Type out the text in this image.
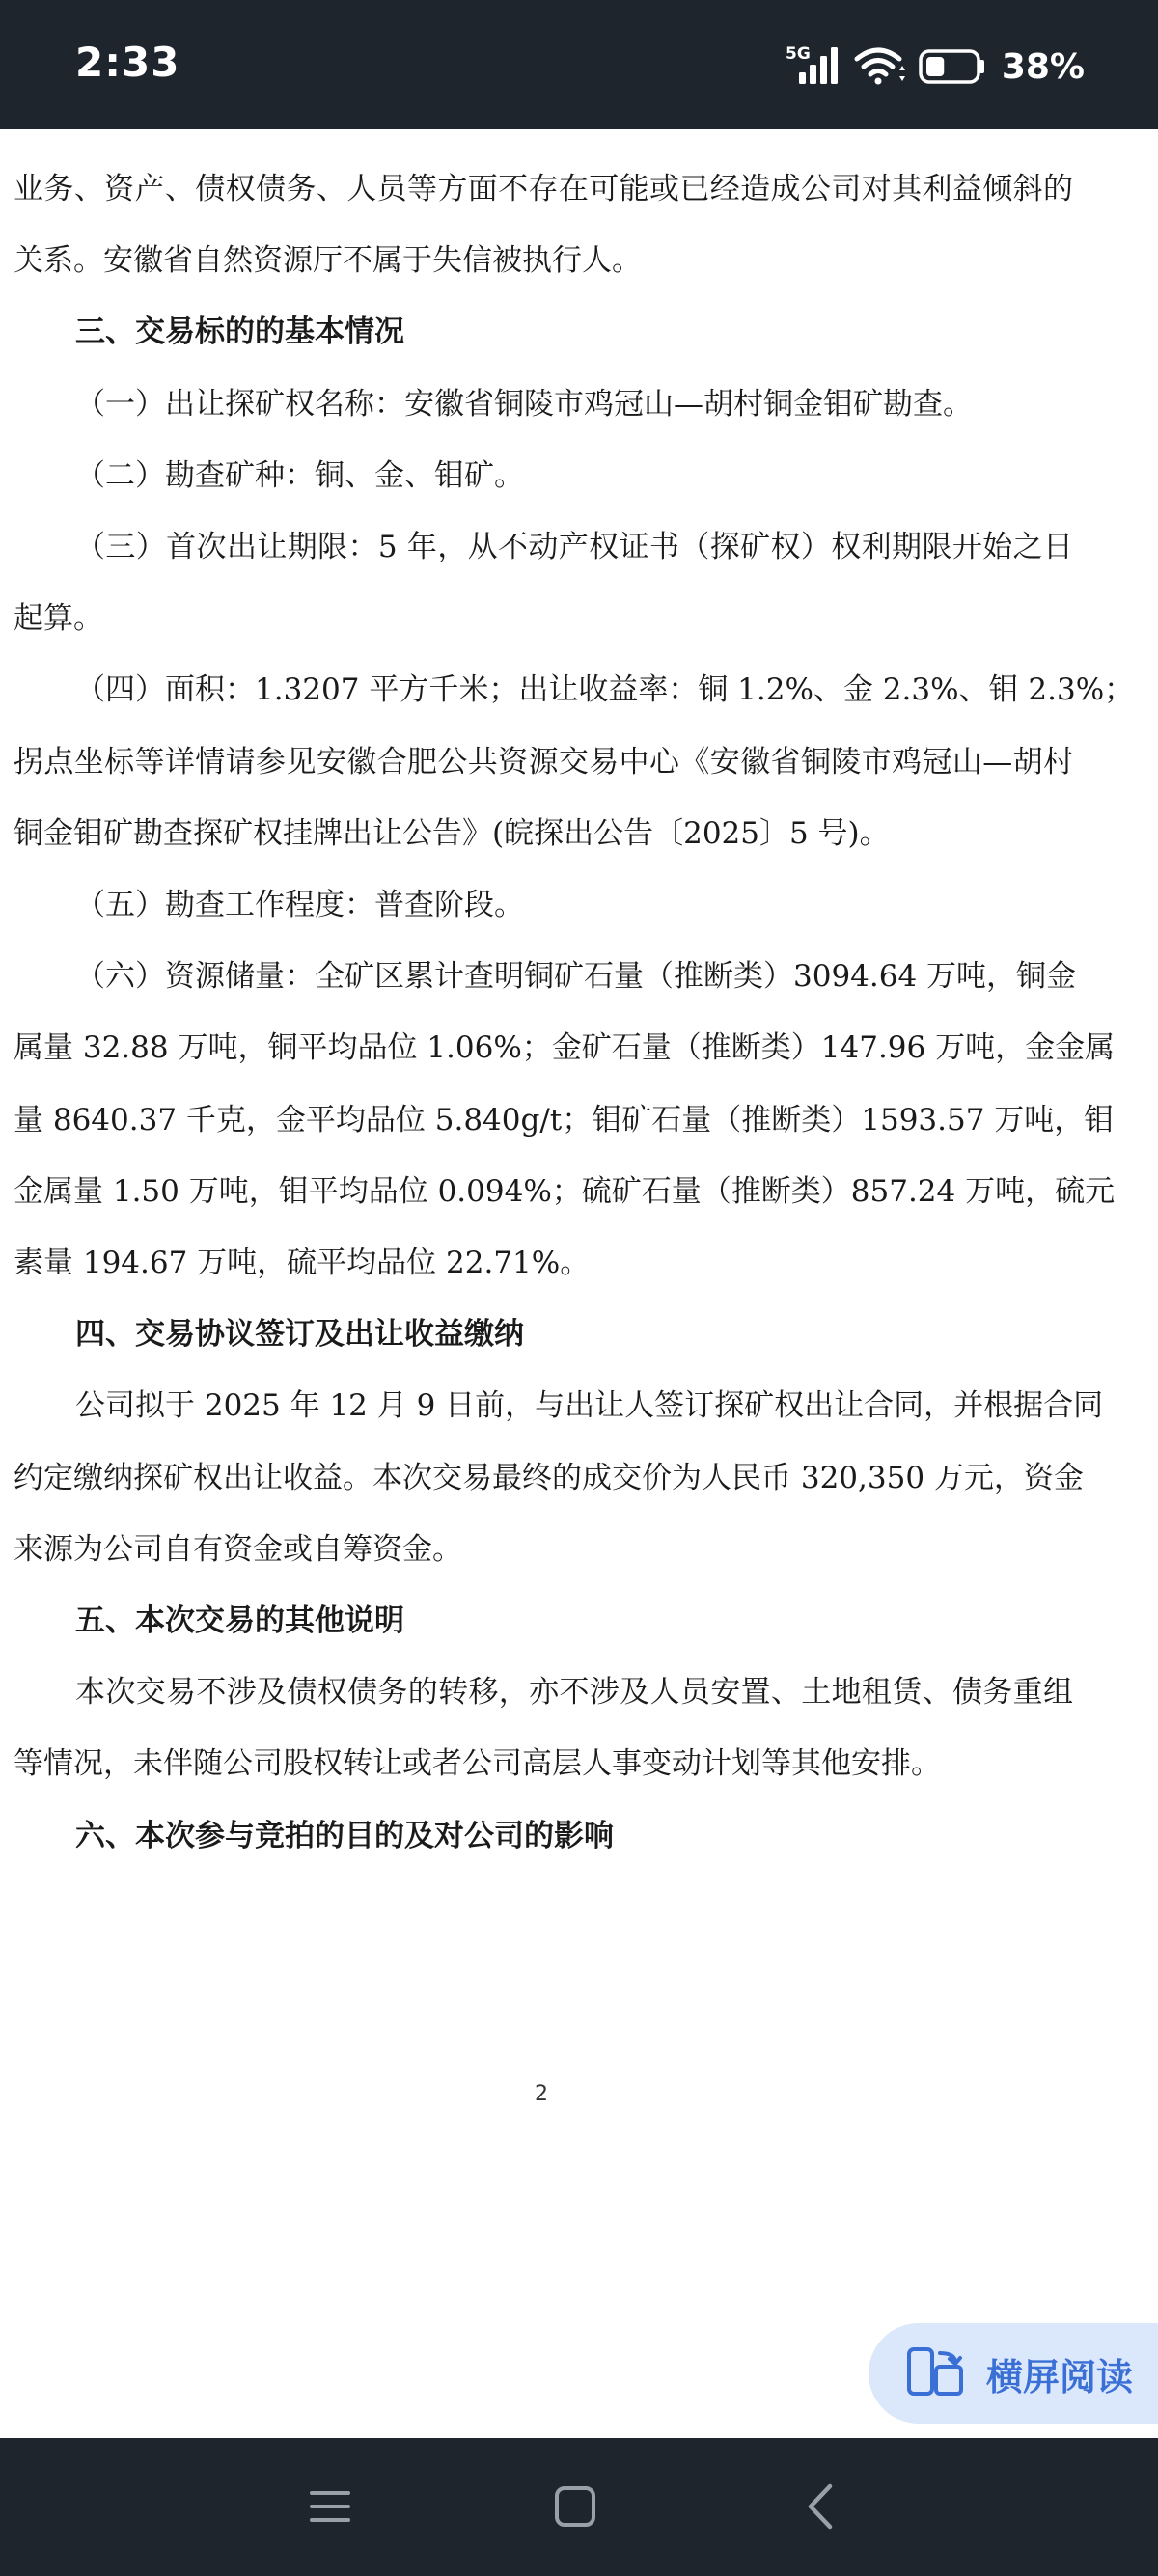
2:33	5G	38%
业务、资产、债权债务、人员等方面不存在可能或已经造成公司对其利益倾斜的
关系。安徽省自然资源厅不属于失信被执行人。
三、交易标的的基本情况
（一）出让探矿权名称：安徽省铜陵市鸡冠山—胡村铜金钼矿勘查。
（二）勘查矿种：铜、金、钼矿。
（三）首次出让期限：5 年，从不动产权证书（探矿权）权利期限开始之日
起算。
（四）面积：1.3207 平方千米；出让收益率：铜 1.2%、金 2.3%、钼 2.3%；
拐点坐标等详情请参见安徽合肥公共资源交易中心《安徽省铜陵市鸡冠山—胡村
铜金钼矿勘查探矿权挂牌出让公告》(皖探出公告〔2025〕5 号)。
（五）勘查工作程度：普查阶段。
（六）资源储量：全矿区累计查明铜矿石量（推断类）3094.64 万吨，铜金
属量 32.88 万吨，铜平均品位 1.06%；金矿石量（推断类）147.96 万吨，金金属
量 8640.37 千克，金平均品位 5.840g/t；钼矿石量（推断类）1593.57 万吨，钼
金属量 1.50 万吨，钼平均品位 0.094%；硫矿石量（推断类）857.24 万吨，硫元
素量 194.67 万吨，硫平均品位 22.71%。
四、交易协议签订及出让收益缴纳
公司拟于 2025 年 12 月 9 日前，与出让人签订探矿权出让合同，并根据合同
约定缴纳探矿权出让收益。本次交易最终的成交价为人民币 320,350 万元，资金
来源为公司自有资金或自筹资金。
五、本次交易的其他说明
本次交易不涉及债权债务的转移，亦不涉及人员安置、土地租赁、债务重组
等情况，未伴随公司股权转让或者公司高层人事变动计划等其他安排。
六、本次参与竞拍的目的及对公司的影响
2
横屏阅读
